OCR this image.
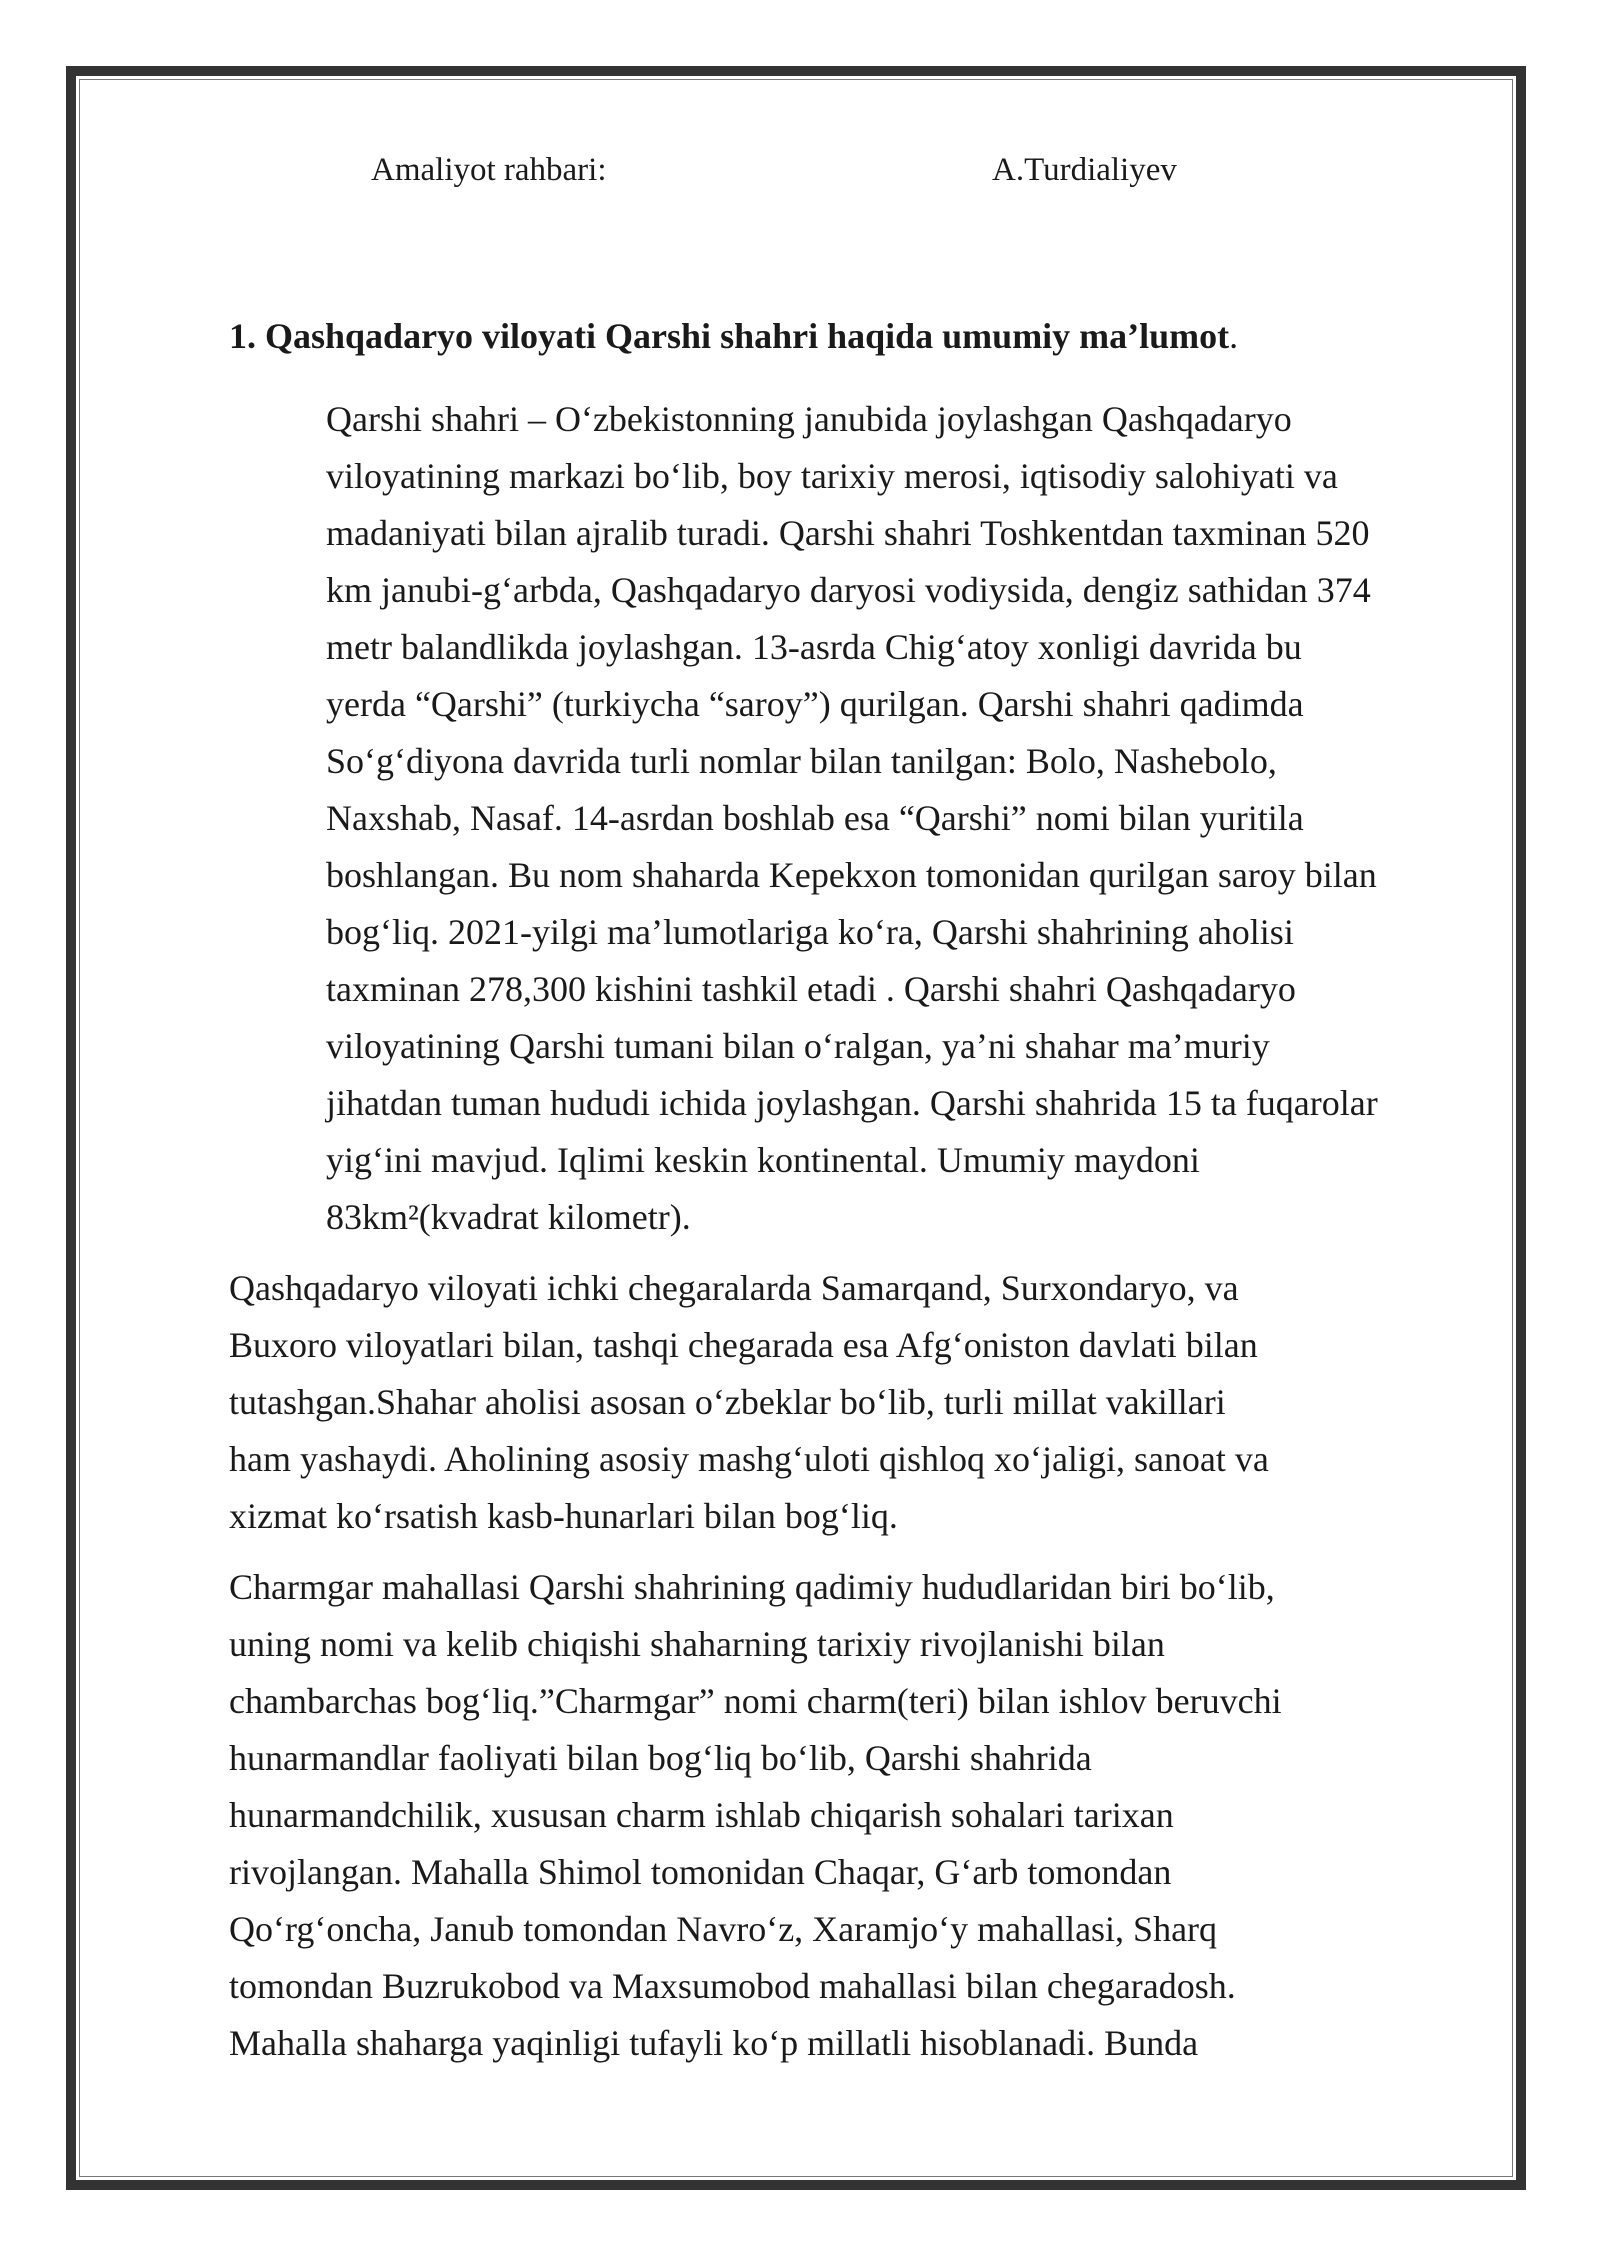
Amaliyot rahbari:	A.Turdialiyev
1. Qashqadaryo viloyati Qarshi shahri haqida umumiy ma’lumot.

Qarshi shahri – O‘zbekistonning janubida joylashgan Qashqadaryo
viloyatining markazi bo‘lib, boy tarixiy merosi, iqtisodiy salohiyati va
madaniyati bilan ajralib turadi. Qarshi shahri Toshkentdan taxminan 520
km janubi-g‘arbda, Qashqadaryo daryosi vodiysida, dengiz sathidan 374
metr balandlikda joylashgan. 13-asrda Chig‘atoy xonligi davrida bu
yerda “Qarshi” (turkiycha “saroy”) qurilgan. Qarshi shahri qadimda
So‘g‘diyona davrida turli nomlar bilan tanilgan: Bolo, Nashebolo,
Naxshab, Nasaf. 14-asrdan boshlab esa “Qarshi” nomi bilan yuritila
boshlangan. Bu nom shaharda Kepekxon tomonidan qurilgan saroy bilan
bog‘liq. 2021-yilgi ma’lumotlariga ko‘ra, Qarshi shahrining aholisi
taxminan 278,300 kishini tashkil etadi . Qarshi shahri Qashqadaryo
viloyatining Qarshi tumani bilan o‘ralgan, ya’ni shahar ma’muriy
jihatdan tuman hududi ichida joylashgan. Qarshi shahrida 15 ta fuqarolar
yig‘ini mavjud. Iqlimi keskin kontinental. Umumiy maydoni
83km²(kvadrat kilometr).

Qashqadaryo viloyati ichki chegaralarda Samarqand, Surxondaryo, va
Buxoro viloyatlari bilan, tashqi chegarada esa Afg‘oniston davlati bilan
tutashgan.Shahar aholisi asosan o‘zbeklar bo‘lib, turli millat vakillari
ham yashaydi. Aholining asosiy mashg‘uloti qishloq xo‘jaligi, sanoat va
xizmat ko‘rsatish kasb-hunarlari bilan bog‘liq.

Charmgar mahallasi Qarshi shahrining qadimiy hududlaridan biri bo‘lib,
uning nomi va kelib chiqishi shaharning tarixiy rivojlanishi bilan
chambarchas bog‘liq.”Charmgar” nomi charm(teri) bilan ishlov beruvchi
hunarmandlar faoliyati bilan bog‘liq bo‘lib, Qarshi shahrida
hunarmandchilik, xususan charm ishlab chiqarish sohalari tarixan
rivojlangan. Mahalla Shimol tomonidan Chaqar, G‘arb tomondan
Qo‘rg‘oncha, Janub tomondan Navro‘z, Xaramjo‘y mahallasi, Sharq
tomondan Buzrukobod va Maxsumobod mahallasi bilan chegaradosh.
Mahalla shaharga yaqinligi tufayli ko‘p millatli hisoblanadi. Bunda
